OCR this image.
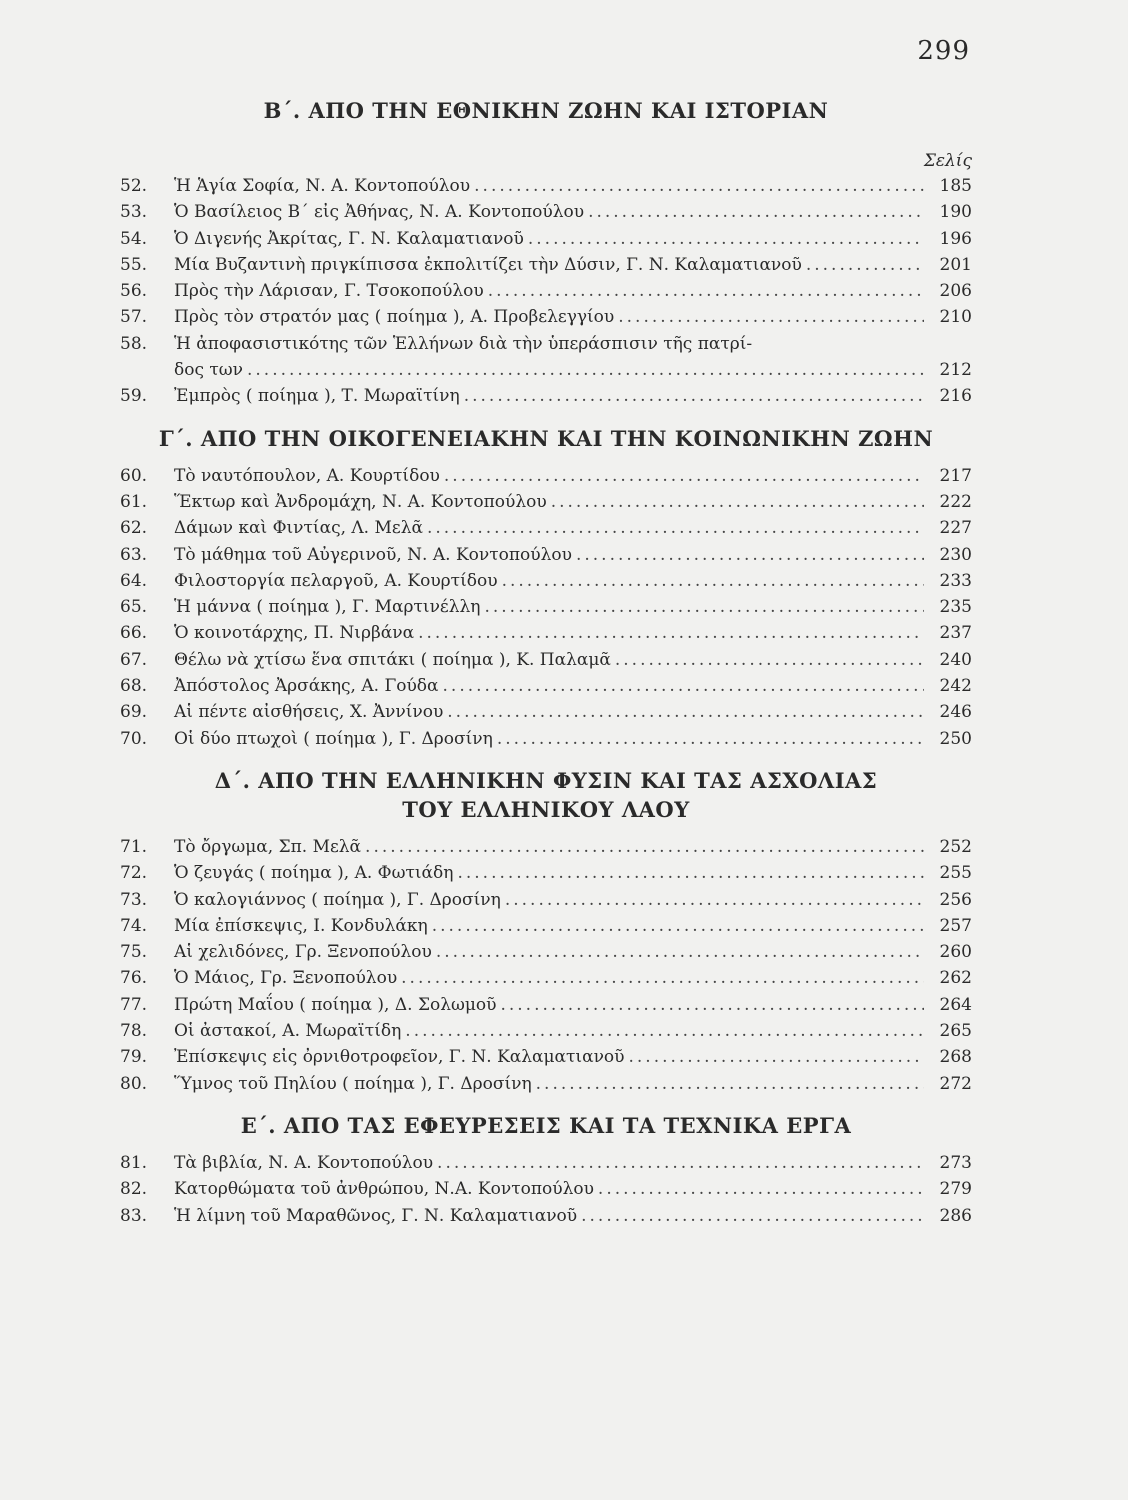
299
Β΄. ΑΠΟ ΤΗΝ ΕΘΝΙΚΗΝ ΖΩΗΝ ΚΑΙ ΙΣΤΟΡΙΑΝ
Σελίς
52.	Ἡ Ἁγία Σοφία, Ν. Α. Κοντοπούλου .....	185
53.	Ὁ Βασίλειος Β΄ εἰς Ἀθήνας, Ν. Α. Κοντοπούλου .....	190
54.	Ὁ Διγενής Ἀκρίτας, Γ. Ν. Καλαματιανοῦ .....	196
55.	Μία Βυζαντινὴ πριγκίπισσα ἐκπολιτίζει τὴν Δύσιν, Γ. Ν. Καλαματιανοῦ .....	201
56.	Πρὸς τὴν Λάρισαν, Γ. Τσοκοπούλου .....	206
57.	Πρὸς τὸν στρατόν μας ( ποίημα ), Α. Προβελεγγίου .....	210
58.	Ἡ ἀποφασιστικότης τῶν Ἑλλήνων διὰ τὴν ὑπεράσπισιν τῆς πατρί-
δος των .....	212
59.	Ἐμπρὸς ( ποίημα ), Τ. Μωραϊτίνη .....	216
Γ΄. ΑΠΟ ΤΗΝ ΟΙΚΟΓΕΝΕΙΑΚΗΝ ΚΑΙ ΤΗΝ ΚΟΙΝΩΝΙΚΗΝ ΖΩΗΝ
60.	Τὸ ναυτόπουλον, Α. Κουρτίδου .....	217
61.	Ἕκτωρ καὶ Ἀνδρομάχη, Ν. Α. Κοντοπούλου .....	222
62.	Δάμων καὶ Φιντίας, Λ. Μελᾶ .....	227
63.	Τὸ μάθημα τοῦ Αὐγερινοῦ, Ν. Α. Κοντοπούλου .....	230
64.	Φιλοστοργία πελαργοῦ, Α. Κουρτίδου .....	233
65.	Ἡ μάννα ( ποίημα ), Γ. Μαρτινέλλη .....	235
66.	Ὁ κοινοτάρχης, Π. Νιρβάνα .....	237
67.	Θέλω νὰ χτίσω ἕνα σπιτάκι ( ποίημα ), Κ. Παλαμᾶ .....	240
68.	Ἀπόστολος Ἀρσάκης, Α. Γούδα .....	242
69.	Αἱ πέντε αἰσθήσεις, Χ. Ἀννίνου .....	246
70.	Οἱ δύο πτωχοὶ ( ποίημα ), Γ. Δροσίνη .....	250
Δ΄. ΑΠΟ ΤΗΝ ΕΛΛΗΝΙΚΗΝ ΦΥΣΙΝ ΚΑΙ ΤΑΣ ΑΣΧΟΛΙΑΣ
ΤΟΥ ΕΛΛΗΝΙΚΟΥ ΛΑΟΥ
71.	Τὸ ὄργωμα, Σπ. Μελᾶ .....	252
72.	Ὁ ζευγάς ( ποίημα ), Α. Φωτιάδη .....	255
73.	Ὁ καλογιάννος ( ποίημα ), Γ. Δροσίνη .....	256
74.	Μία ἐπίσκεψις, Ι. Κονδυλάκη .....	257
75.	Αἱ χελιδόνες, Γρ. Ξενοπούλου .....	260
76.	Ὁ Μάιος, Γρ. Ξενοπούλου .....	262
77.	Πρώτη Μαΐου ( ποίημα ), Δ. Σολωμοῦ .....	264
78.	Οἱ ἀστακοί, Α. Μωραϊτίδη .....	265
79.	Ἐπίσκεψις εἰς ὀρνιθοτροφεῖον, Γ. Ν. Καλαματιανοῦ .....	268
80.	Ὕμνος τοῦ Πηλίου ( ποίημα ), Γ. Δροσίνη .....	272
Ε΄. ΑΠΟ ΤΑΣ ΕΦΕΥΡΕΣΕΙΣ ΚΑΙ ΤΑ ΤΕΧΝΙΚΑ ΕΡΓΑ
81.	Τὰ βιβλία, Ν. Α. Κοντοπούλου .....	273
82.	Κατορθώματα τοῦ ἀνθρώπου, Ν.Α. Κοντοπούλου .....	279
83.	Ἡ λίμνη τοῦ Μαραθῶνος, Γ. Ν. Καλαματιανοῦ .....	286
